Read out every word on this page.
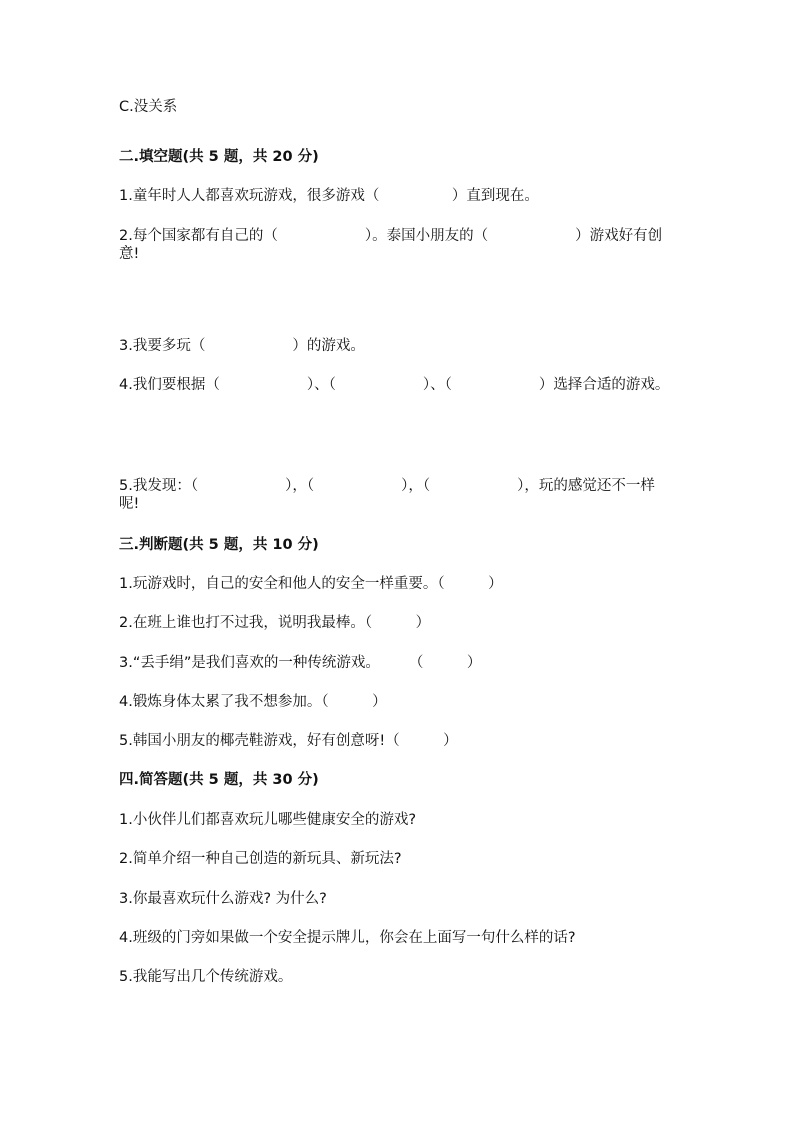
C.没关系

二.填空题(共 5 题，共 20 分)

1.童年时人人都喜欢玩游戏，很多游戏（　　　　　）直到现在。

2.每个国家都有自己的（　　　　　　）。泰国小朋友的（　　　　　　）游戏好有创意!

3.我要多玩（　　　　　　）的游戏。

4.我们要根据（　　　　　　）、（　　　　　　）、（　　　　　　）选择合适的游戏。

5.我发现：（　　　　　　），（　　　　　　），（　　　　　　），玩的感觉还不一样呢!

三.判断题(共 5 题，共 10 分)

1.玩游戏时，自己的安全和他人的安全一样重要。（　　　）

2.在班上谁也打不过我，说明我最棒。（　　　）

3.“丢手绢”是我们喜欢的一种传统游戏。　　　（　　　）

4.锻炼身体太累了我不想参加。（　　　）

5.韩国小朋友的椰壳鞋游戏，好有创意呀!（　　　）

四.简答题(共 5 题，共 30 分)

1.小伙伴儿们都喜欢玩儿哪些健康安全的游戏?

2.简单介绍一种自己创造的新玩具、新玩法?

3.你最喜欢玩什么游戏? 为什么?

4.班级的门旁如果做一个安全提示牌儿，你会在上面写一句什么样的话?

5.我能写出几个传统游戏。
